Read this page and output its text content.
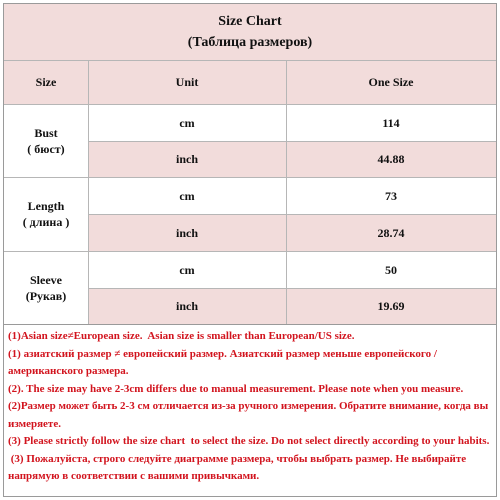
Size Chart
(Таблица размеров)
Size	Unit	One Size
Bust
( бюст)
cm	114
inch	44.88
Length
( длина )
cm	73
inch	28.74
Sleeve
(Рукав)
cm	50
inch	19.69
(1)Asian size≠European size.  Asian size is smaller than European/US size.
(1) азиатский размер ≠ европейский размер. Азиатский размер меньше европейского / американского размера.
(2). The size may have 2-3cm differs due to manual measurement. Please note when you measure.
(2)Размер может быть 2-3 см отличается из-за ручного измерения. Обратите внимание, когда вы измеряете.
(3) Please strictly follow the size chart  to select the size. Do not select directly according to your habits.
(3) Пожалуйста, строго следуйте диаграмме размера, чтобы выбрать размер. Не выбирайте напрямую в соответствии с вашими привычками.
